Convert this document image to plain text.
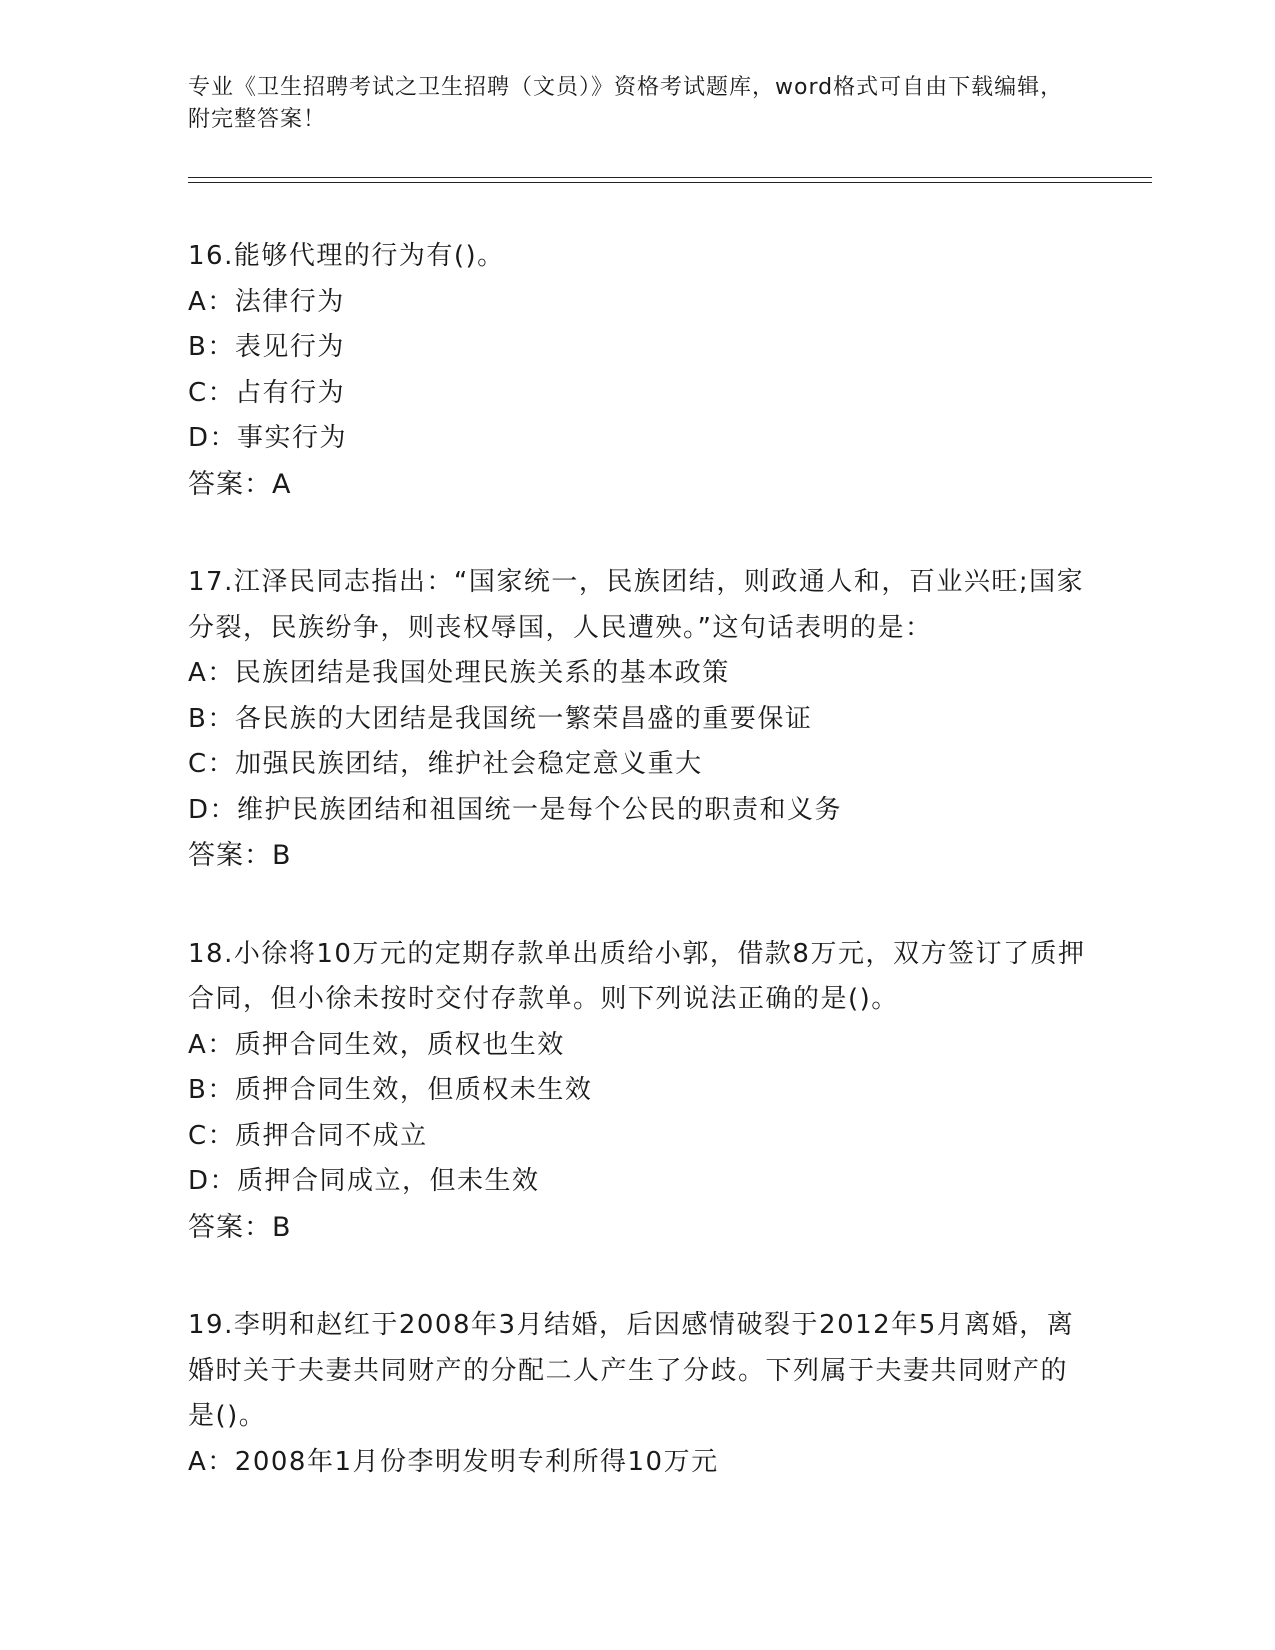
专业《卫生招聘考试之卫生招聘（文员）》资格考试题库，word格式可自由下载编辑，附完整答案！
16.能够代理的行为有()。
A：法律行为
B：表见行为
C：占有行为
D：事实行为
答案：A
17.江泽民同志指出：“国家统一，民族团结，则政通人和，百业兴旺;国家分裂，民族纷争，则丧权辱国，人民遭殃。”这句话表明的是：
A：民族团结是我国处理民族关系的基本政策
B：各民族的大团结是我国统一繁荣昌盛的重要保证
C：加强民族团结，维护社会稳定意义重大
D：维护民族团结和祖国统一是每个公民的职责和义务
答案：B
18.小徐将10万元的定期存款单出质给小郭，借款8万元，双方签订了质押合同，但小徐未按时交付存款单。则下列说法正确的是()。
A：质押合同生效，质权也生效
B：质押合同生效，但质权未生效
C：质押合同不成立
D：质押合同成立，但未生效
答案：B
19.李明和赵红于2008年3月结婚，后因感情破裂于2012年5月离婚，离婚时关于夫妻共同财产的分配二人产生了分歧。下列属于夫妻共同财产的是()。
A：2008年1月份李明发明专利所得10万元
